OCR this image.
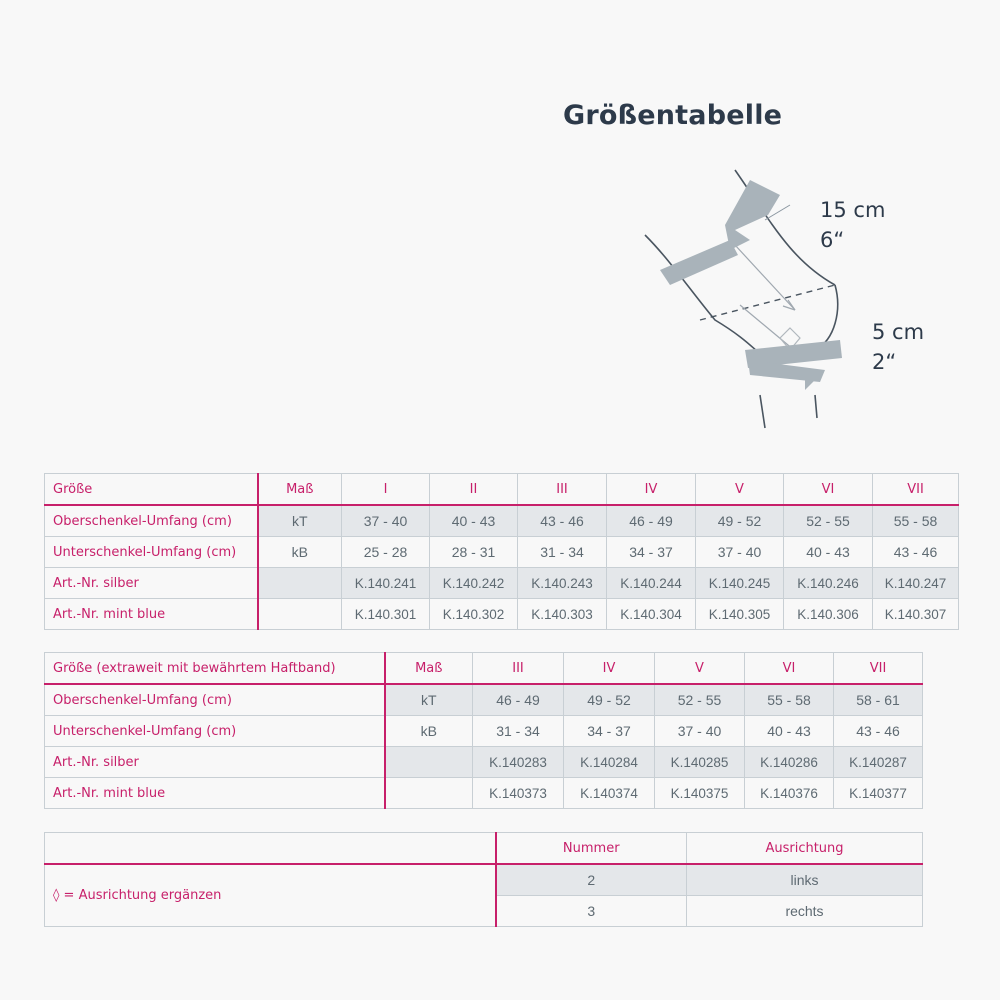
Größentabelle
15 cm
6“
5 cm
2“
Größe	Maß	I	II	III	IV	V	VI	VII
Oberschenkel-Umfang (cm)	kT	37 - 40	40 - 43	43 - 46	46 - 49	49 - 52	52 - 55	55 - 58
Unterschenkel-Umfang (cm)	kB	25 - 28	28 - 31	31 - 34	34 - 37	37 - 40	40 - 43	43 - 46
Art.-Nr. silber		K.140.241	K.140.242	K.140.243	K.140.244	K.140.245	K.140.246	K.140.247
Art.-Nr. mint blue		K.140.301	K.140.302	K.140.303	K.140.304	K.140.305	K.140.306	K.140.307
Größe (extraweit mit bewährtem Haftband)	Maß	III	IV	V	VI	VII
Oberschenkel-Umfang (cm)	kT	46 - 49	49 - 52	52 - 55	55 - 58	58 - 61
Unterschenkel-Umfang (cm)	kB	31 - 34	34 - 37	37 - 40	40 - 43	43 - 46
Art.-Nr. silber		K.140283	K.140284	K.140285	K.140286	K.140287
Art.-Nr. mint blue		K.140373	K.140374	K.140375	K.140376	K.140377
	Nummer	Ausrichtung
◊ = Ausrichtung ergänzen	2	links
	3	rechts
